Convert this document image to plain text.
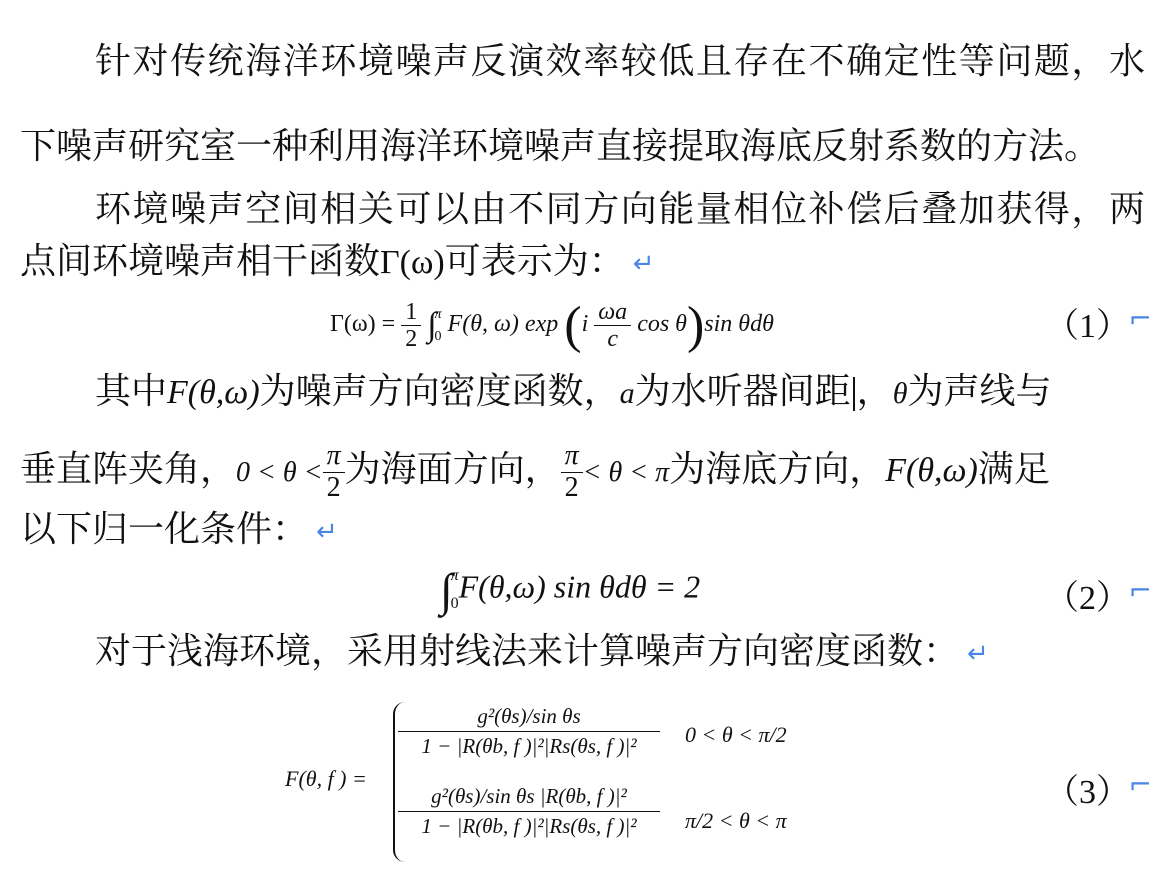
针对传统海洋环境噪声反演效率较低且存在不确定性等问题，水
下噪声研究室一种利用海洋环境噪声直接提取海底反射系数的方法。
环境噪声空间相关可以由不同方向能量相位补偿后叠加获得，两
点间环境噪声相干函数Γ(ω)可表示为： ↵
$\Gamma(\omega) = \frac{1}{2}$ ∫
π
0 F(θ, ω) $\exp (i \frac{\omega a}{c}$ cos θ)sin θdθ	（1）
⌐
其中F(θ,ω)为噪声方向密度函数，a为水听器间距 ，θ为声线与
垂直阵夹角，$0 < \theta < \frac{\pi}{2}$ 为海面方向， $\frac{\pi}{2} < \theta < \pi$为海底方向，F(θ,ω)满足
以下归一化条件： ↵
∫
π
0 F(θ,ω) sin θdθ = 2	（2）
⌐
对于浅海环境，采用射线法来计算噪声方向密度函数： ↵
F(θ, f ) =
$\frac{\text{g²(θs)/sin θs}}{\text{1 − |R(θb, f )|²|Rs(θs, f )|²}} 0 < \theta < \pi/2$
$\frac{\text{g²(θs)/sin θs |R(θb, f )|²}}{\text{1 − |R(θb, f )|²|Rs(θs, f )|²}} \pi/2 < \theta < \pi$
（3）
⌐
